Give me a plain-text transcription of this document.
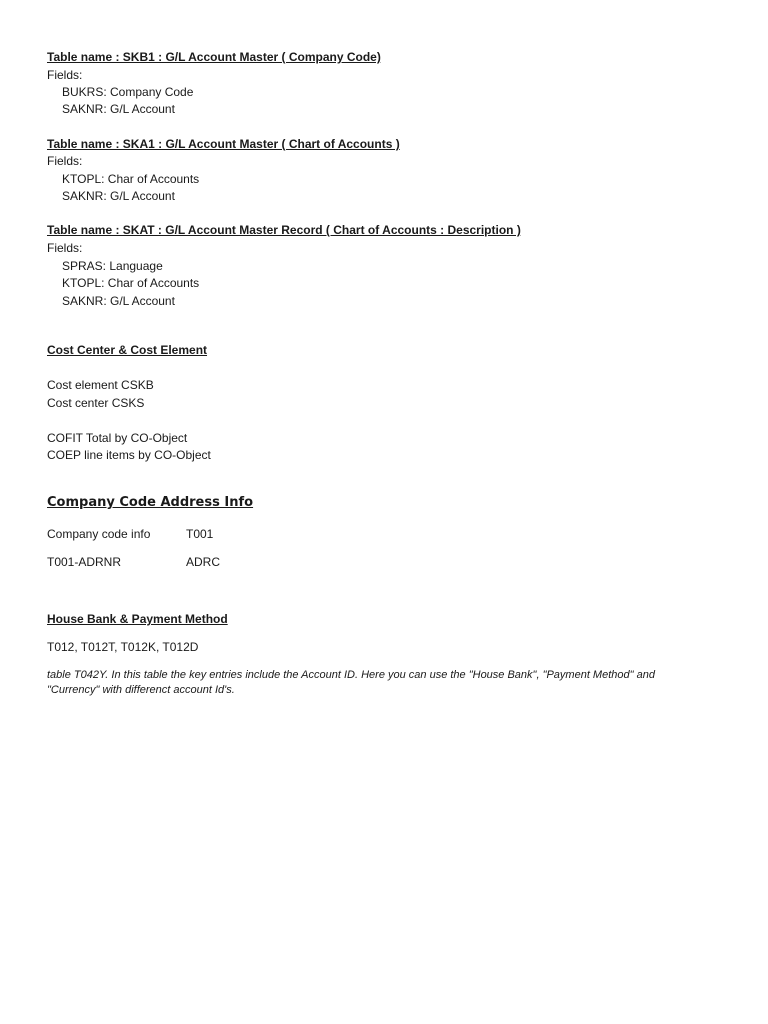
Table name : SKB1 : G/L Account Master ( Company Code)
Fields:
BUKRS: Company Code
SAKNR: G/L Account
Table name : SKA1 : G/L Account Master ( Chart of Accounts )
Fields:
KTOPL: Char of Accounts
SAKNR: G/L Account
Table name : SKAT : G/L Account Master Record ( Chart of Accounts : Description )
Fields:
SPRAS: Language
KTOPL: Char of Accounts
SAKNR: G/L Account
Cost Center & Cost Element
Cost element CSKB
Cost center CSKS
COFIT Total by CO-Object
COEP line items by CO-Object
Company Code Address Info
Company code info	T001
T001-ADRNR	ADRC
House Bank & Payment Method
T012, T012T, T012K, T012D
table T042Y. In this table the key entries include the Account ID. Here you can use the "House Bank", "Payment Method" and "Currency" with differenct account Id's.
